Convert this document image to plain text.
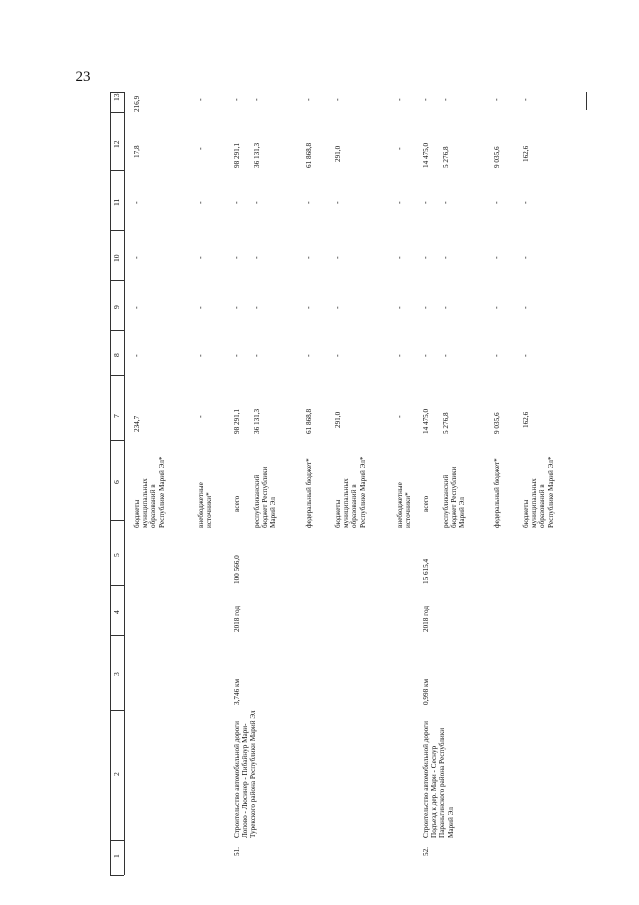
23
13
12
11
10
9
8
7
6
5
4
3
2
1
бюджеты муниципальных образований в Республике Марий Эл*
234,7
-
-
-
-
17,8
216,9
внебюджетные источники*
-
-
-
-
-
-
-
51.
Строительство автомобильной дороги Лопово - Люсинер - Пибайнур Мари-Турекского района Республики Марий Эл
3,746 км
2018 год
100 566,0
всего
98 291,1
-
-
-
-
98 291,1
-
республиканский бюджет Республики Марий Эл
36 131,3
-
-
-
-
36 131,3
-
федеральный бюджет*
61 868,8
-
-
-
-
61 868,8
-
бюджеты муниципальных образований в Республике Марий Эл*
291,0
-
-
-
-
291,0
-
внебюджетные источники*
-
-
-
-
-
-
-
52.
Строительство автомобильной дороги Подъезд к дер. Мари - Сеснур Параньгинского района Республики Марий Эл
0,998 км
2018 год
15 615,4
всего
14 475,0
-
-
-
-
14 475,0
-
республиканский бюджет Республики Марий Эл
5 276,8
-
-
-
-
5 276,8
-
федеральный бюджет*
9 035,6
-
-
-
-
9 035,6
-
бюджеты муниципальных образований в Республике Марий Эл*
162,6
-
-
-
-
162,6
-
